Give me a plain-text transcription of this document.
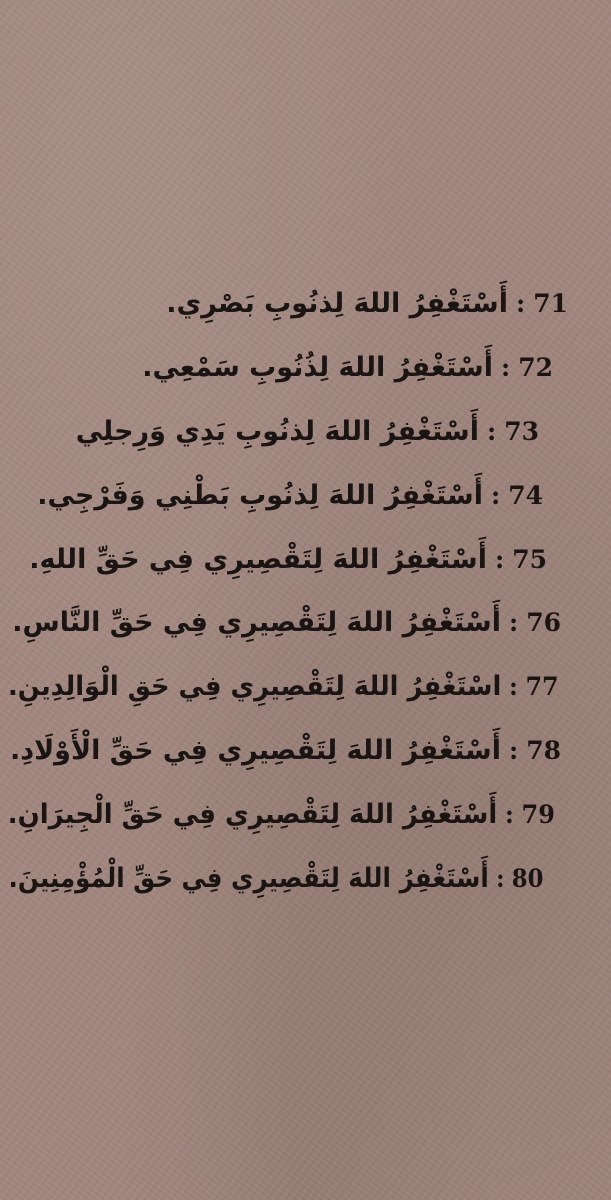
71
:
أَسْتَغْفِرُ اللهَ لِذنُوبِ بَصْرِي.
72
:
أَسْتَغْفِرُ اللهَ لِذُنُوبِ سَمْعِي.
73
:
أَسْتَغْفِرُ اللهَ لِذنُوبِ يَدِي وَرِجلِي
74
:
أَسْتَغْفِرُ اللهَ لِذنُوبِ بَطْنِي وَفَرْجِي.
75
:
أَسْتَغْفِرُ اللهَ لِتَقْصِيرِي فِي حَقِّ اللهِ.
76
:
أَسْتَغْفِرُ اللهَ لِتَقْصِيرِي فِي حَقِّ النَّاسِ.
77
:
اسْتَغْفِرُ اللهَ لِتَقْصِيرِي فِي حَقِ الْوَالِدِينِ.
78
:
أَسْتَغْفِرُ اللهَ لِتَقْصِيرِي فِي حَقِّ الْأَوْلَادِ.
79
:
أَسْتَغْفِرُ اللهَ لِتَقْصِيرِي فِي حَقِّ الْجِيرَانِ.
80
:
أَسْتَغْفِرُ اللهَ لِتَقْصِيرِي فِي حَقِّ الْمُؤْمِنِينَ.
